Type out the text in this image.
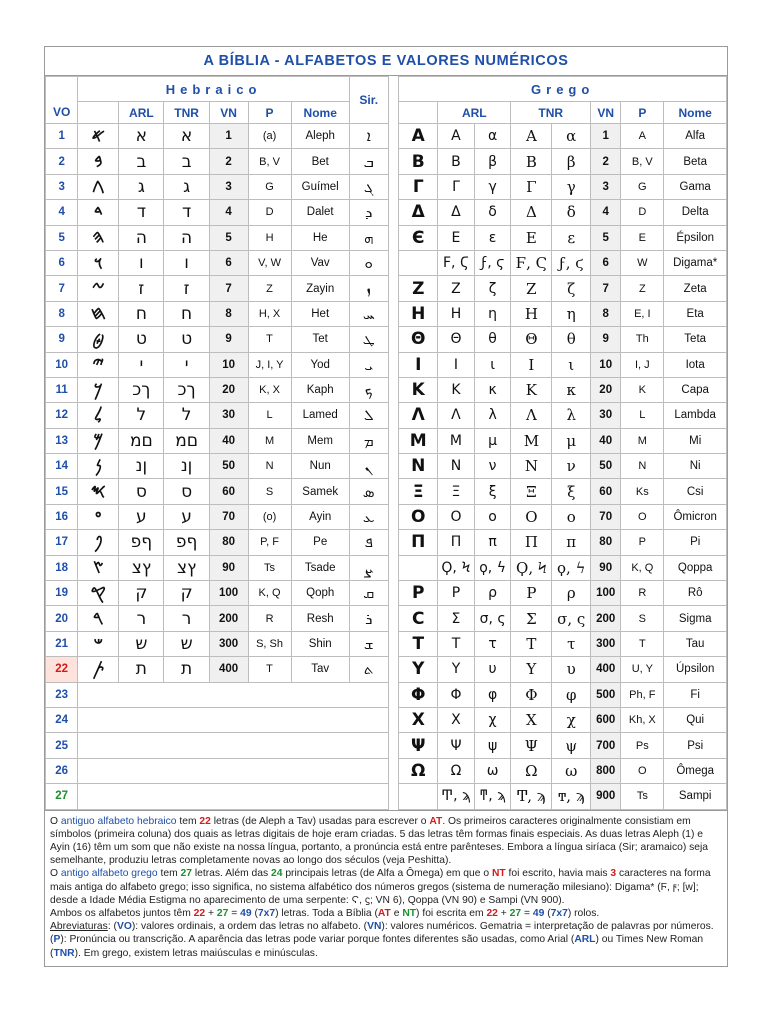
A BÍBLIA - ALFABETOS E VALORES NUMÉRICOS
	Hebraico						Sir.		Grego							
VO		ARL	TNR	VN	P	Nome				ARL		TNR		VN	P	Nome
1	𐤀	א	א	1	(a)	Aleph	ܐ		Α	Α	α	Α	α	1	A	Alfa
2	𐤁	ב	ב	2	B, V	Bet	ܒ		Β	Β	β	Β	β	2	B, V	Beta
3	𐤂	ג	ג	3	G	Guímel	ܓ		Γ	Γ	γ	Γ	γ	3	G	Gama
4	𐤃	ד	ד	4	D	Dalet	ܕ		Δ	Δ	δ	Δ	δ	4	D	Delta
5	𐤄	ה	ה	5	H	He	ܗ		Є	Ε	ε	Ε	ε	5	E	Épsilon
6	𐤅	ו	ו	6	V, W	Vav	ܘ			Ϝ, Ϛ	ϝ, ϛ	Ϝ, Ϛ	ϝ, ϛ	6	W	Digama*
7	𐤆	ז	ז	7	Z	Zayin	ܙ		Ζ	Ζ	ζ	Ζ	ζ	7	Z	Zeta
8	𐤇	ח	ח	8	H, X	Het	ܚ		Η	Η	η	Η	η	8	E, I	Eta
9	𐤈	ט	ט	9	T	Tet	ܛ		Θ	Θ	θ	Θ	θ	9	Th	Teta
10	𐤉	י	י	10	J, I, Y	Yod	ܝ		Ι	Ι	ι	Ι	ι	10	I, J	Iota
11	𐤊	ךכ	ךכ	20	K, X	Kaph	ܟ		Κ	Κ	κ	Κ	κ	20	K	Capa
12	𐤋	ל	ל	30	L	Lamed	ܠ		Λ	Λ	λ	Λ	λ	30	L	Lambda
13	𐤌	םמ	םמ	40	M	Mem	ܡ		Μ	Μ	μ	Μ	μ	40	M	Mi
14	𐤍	ןנ	ןנ	50	N	Nun	ܢ		Ν	Ν	ν	Ν	ν	50	N	Ni
15	𐤎	ס	ס	60	S	Samek	ܣ		Ξ	Ξ	ξ	Ξ	ξ	60	Ks	Csi
16	𐤏	ע	ע	70	(o)	Ayin	ܥ		Ο	Ο	ο	Ο	ο	70	O	Ômicron
17	𐤐	ףפ	ףפ	80	P, F	Pe	ܦ		Π	Π	π	Π	π	80	P	Pi
18	𐤑	ץצ	ץצ	90	Ts	Tsade	ܨ			Ϙ, Ϟ	ϙ, ϟ	Ϙ, Ϟ	ϙ, ϟ	90	K, Q	Qoppa
19	𐤒	ק	ק	100	K, Q	Qoph	ܩ		Ρ	Ρ	ρ	Ρ	ρ	100	R	Rô
20	𐤓	ר	ר	200	R	Resh	ܪ		C	Σ	σ, ς	Σ	σ, ς	200	S	Sigma
21	𐤔	ש	ש	300	S, Sh	Shin	ܫ		Τ	Τ	τ	Τ	τ	300	T	Tau
22	𐤕	ת	ת	400	T	Tav	ܬ		Υ	Υ	υ	Υ	υ	400	U, Y	Úpsilon
23									Φ	Φ	φ	Φ	φ	500	Ph, F	Fi
24									Χ	Χ	χ	Χ	χ	600	Kh, X	Qui
25									Ψ	Ψ	ψ	Ψ	ψ	700	Ps	Psi
26									Ω	Ω	ω	Ω	ω	800	O	Ômega
27										Ͳ, ϡ	ͳ, ϡ	Ͳ, ϡ	ͳ, ϡ	900	Ts	Sampi

O antiguo alfabeto hebraico tem 22 letras (de Aleph a Tav) usadas para escrever o AT. Os primeiros caracteres originalmente consistiam em símbolos (primeira coluna) dos quais as letras digitais de hoje eram criadas. 5 das letras têm formas finais especiais. As duas letras Aleph (1) e Ayin (16) têm um som que não existe na nossa língua, portanto, a pronúncia está entre parênteses. Embora a língua siríaca (Sir; aramaico) seja semelhante, produziu letras completamente novas ao longo dos séculos (veja Peshitta).

O antigo alfabeto grego tem 27 letras. Além das 24 principais letras (de Alfa a Ômega) em que o NT foi escrito, havia mais 3 caracteres na forma mais antiga do alfabeto grego; isso significa, no sistema alfabético dos números gregos (sistema de numeração milesiano): Digama* (Ϝ, ϝ; [w]; desde a Idade Média Estigma no aparecimento de uma serpente: Ϛ, ϛ; VN 6), Qoppa (VN 90) e Sampi (VN 900).

Ambos os alfabetos juntos têm 22 + 27 = 49 (7x7) letras. Toda a Bíblia (AT e NT) foi escrita em 22 + 27 = 49 (7x7) rolos.

Abreviaturas: (VO): valores ordinais, a ordem das letras no alfabeto. (VN): valores numéricos. Gematria = interpretação de palavras por números. (P): Pronúncia ou transcrição. A aparência das letras pode variar porque fontes diferentes são usadas, como Arial (ARL) ou Times New Roman (TNR). Em grego, existem letras maiúsculas e minúsculas.
